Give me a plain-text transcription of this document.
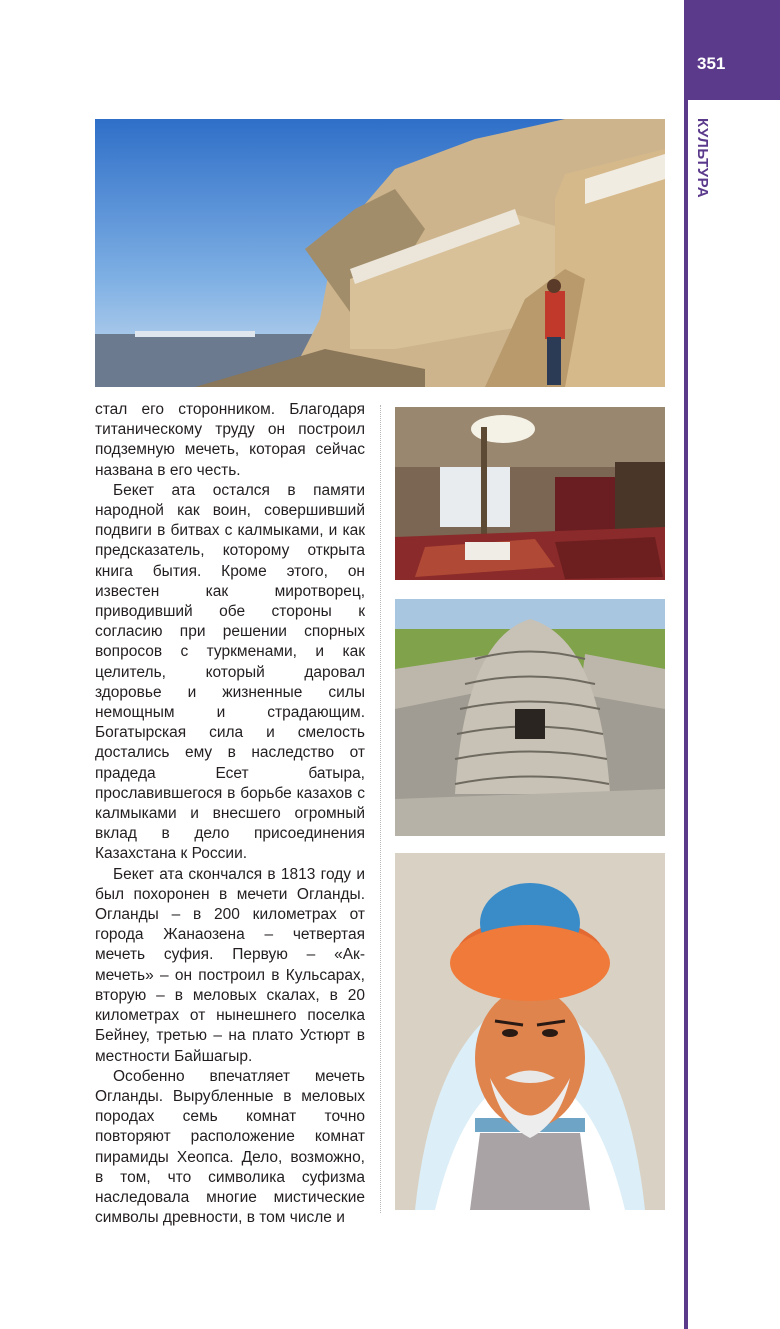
351
КУЛЬТУРА

стал его сторонником. Благодаря титаническому труду он построил подземную мечеть, которая сейчас названа в его честь.

Бекет ата остался в памяти народной как воин, совершивший подвиги в битвах с калмыками, и как предсказатель, которому открыта книга бытия. Кроме этого, он известен как миротворец, приводивший обе стороны к согласию при решении спорных вопросов с туркменами, и как целитель, который даровал здоровье и жизненные силы немощным и страдающим. Богатырская сила и смелость достались ему в наследство от прадеда Есет батыра, прославившегося в борьбе казахов с калмыками и внесшего огромный вклад в дело присоединения Казахстана к России.

Бекет ата скончался в 1813 году и был похоронен в мечети Огланды. Огланды – в 200 километрах от города Жанаозена – четвертая мечеть суфия. Первую – «Ак-мечеть» – он построил в Кульсарах, вторую – в меловых скалах, в 20 километрах от нынешнего поселка Бейнеу, третью – на плато Устюрт в местности Байшагыр.

Особенно впечатляет мечеть Огланды. Вырубленные в меловых породах семь комнат точно повторяют расположение комнат пирамиды Хеопса. Дело, возможно, в том, что символика суфизма наследовала многие мистические символы древности, в том числе и
